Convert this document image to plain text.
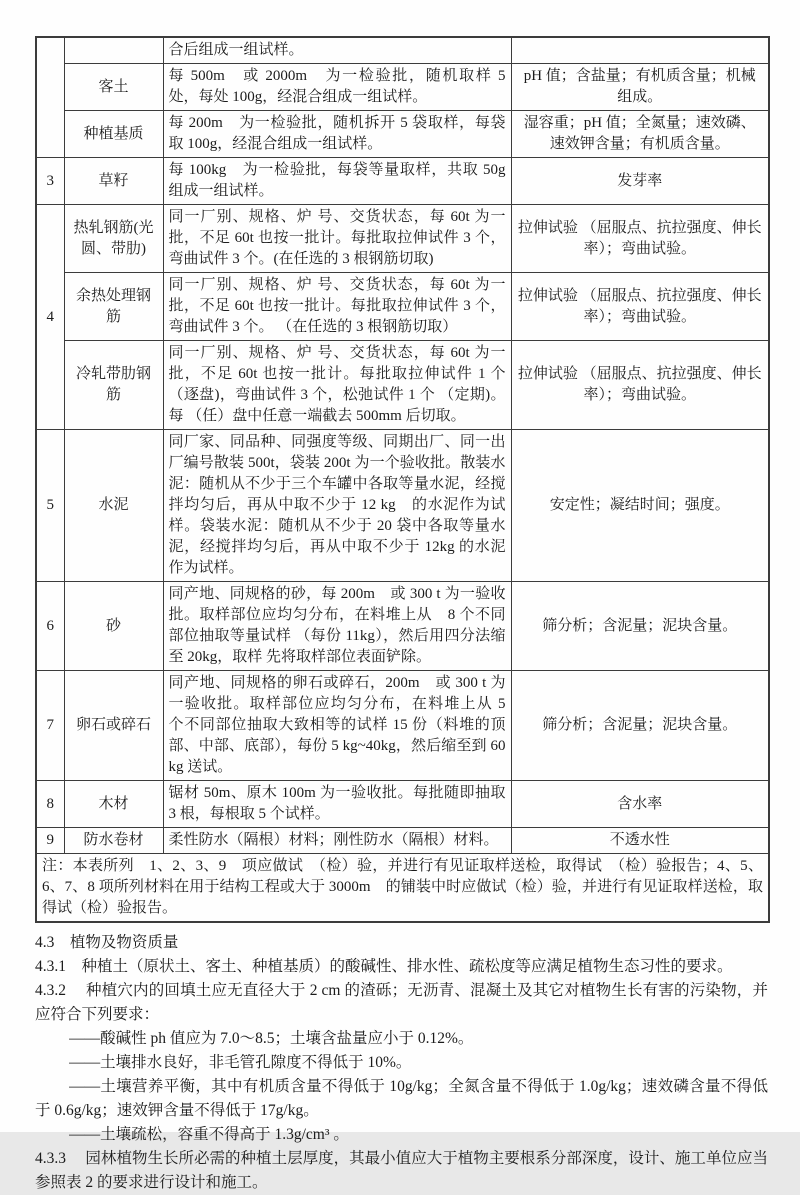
		合后组成一组试样。	
	客土	每 500m　或 2000m　为一检验批，随机取样 5 处，每处 100g，经混合组成一组试样。	pH 值；含盐量；有机质含量；机械组成。
	种植基质	每 200m　为一检验批，随机拆开 5 袋取样，每袋取 100g，经混合组成一组试样。	湿容重；pH 值；全氮量；速效磷、速效钾含量；有机质含量。
3	草籽	每 100kg　为一检验批，每袋等量取样，共取 50g 组成一组试样。	发芽率
4	热轧钢筋(光圆、带肋)	同一厂别、规格、炉 号、交货状态，每 60t 为一批，不足 60t 也按一批计。每批取拉伸试件 3 个，弯曲试件 3 个。(在任选的 3 根钢筋切取)	拉伸试验 （屈服点、抗拉强度、伸长率）；弯曲试验。
	余热处理钢筋	同一厂别、规格、炉 号、交货状态，每 60t 为一批，不足 60t 也按一批计。每批取拉伸试件 3 个，弯曲试件 3 个。 （在任选的 3 根钢筋切取）	拉伸试验 （屈服点、抗拉强度、伸长率）；弯曲试验。
	冷轧带肋钢筋	同一厂别、规格、炉 号、交货状态，每 60t 为一批，不足 60t 也按一批计。每批取拉伸试件 1 个 （逐盘)，弯曲试件 3 个，松弛试件 1 个 （定期)。每 （任）盘中任意一端截去 500mm 后切取。	拉伸试验 （屈服点、抗拉强度、伸长率）；弯曲试验。
5	水泥	同厂家、同品种、同强度等级、同期出厂、同一出厂编号散装 500t，袋装 200t 为一个验收批。散装水泥：随机从不少于三个车罐中各取等量水泥，经搅拌均匀后，再从中取不少于 12 kg　的水泥作为试样。袋装水泥：随机从不少于 20 袋中各取等量水泥，经搅拌均匀后，再从中取不少于 12kg 的水泥作为试样。	安定性；凝结时间；强度。
6	砂	同产地、同规格的砂，每 200m　或 300 t 为一验收批。取样部位应均匀分布，在料堆上从　8 个不同部位抽取等量试样 （每份 11kg），然后用四分法缩至 20kg，取样 先将取样部位表面铲除。	筛分析；含泥量；泥块含量。
7	卵石或碎石	同产地、同规格的卵石或碎石，200m　或 300 t 为一验收批。取样部位应均匀分布，在料堆上从 5　个不同部位抽取大致相等的试样 15 份（料堆的顶部、中部、底部），每份 5 kg~40kg，然后缩至到 60kg 送试。	筛分析；含泥量；泥块含量。
8	木材	锯材 50m、原木 100m 为一验收批。每批随即抽取 3 根，每根取 5 个试样。	含水率
9	防水卷材	柔性防水（隔根）材料；刚性防水（隔根）材料。	不透水性
注：本表所列　1、2、3、9　项应做试　（检）验，并进行有见证取样送检，取得试　（检）验报告；4、5、6、7、8 项所列材料在用于结构工程或大于 3000m　的铺装中时应做试（检）验，并进行有见证取样送检，取得试（检）验报告。			

4.3　植物及物资质量

4.3.1　种植土（原状土、客土、种植基质）的酸碱性、排水性、疏松度等应满足植物生态习性的要求。

4.3.2　 种植穴内的回填土应无直径大于 2 cm 的渣砾；无沥青、混凝土及其它对植物生长有害的污染物，并应符合下列要求：

——酸碱性 ph 值应为 7.0～8.5；土壤含盐量应小于 0.12%。

——土壤排水良好，非毛管孔隙度不得低于 10%。

——土壤营养平衡，其中有机质含量不得低于 10g/kg；全氮含量不得低于 1.0g/kg；速效磷含量不得低于 0.6g/kg；速效钾含量不得低于 17g/kg。

——土壤疏松，容重不得高于 1.3g/cm³ 。

4.3.3　 园林植物生长所必需的种植土层厚度，其最小值应大于植物主要根系分部深度，设计、施工单位应当参照表 2 的要求进行设计和施工。
